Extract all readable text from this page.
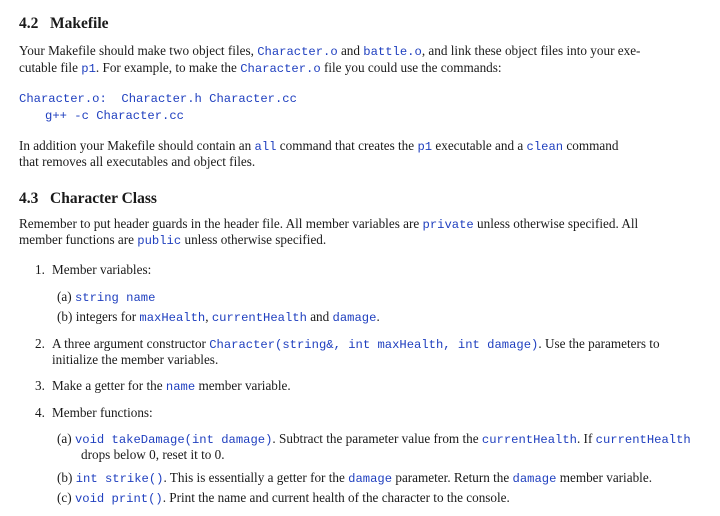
4.2 Makefile
Your Makefile should make two object files, Character.o and battle.o, and link these object files into your exe-
cutable file p1. For example, to make the Character.o file you could use the commands:
Character.o:  Character.h Character.cc
g++ -c Character.cc
In addition your Makefile should contain an all command that creates the p1 executable and a clean command
that removes all executables and object files.
4.3 Character Class
Remember to put header guards in the header file. All member variables are private unless otherwise specified. All
member functions are public unless otherwise specified.
1. Member variables:
(a) string name
(b) integers for maxHealth, currentHealth and damage.
2. A three argument constructor Character(string&, int maxHealth, int damage). Use the parameters to
initialize the member variables.
3. Make a getter for the name member variable.
4. Member functions:
(a) void takeDamage(int damage). Subtract the parameter value from the currentHealth. If currentHealth
drops below 0, reset it to 0.
(b) int strike(). This is essentially a getter for the damage parameter. Return the damage member variable.
(c) void print(). Print the name and current health of the character to the console.
